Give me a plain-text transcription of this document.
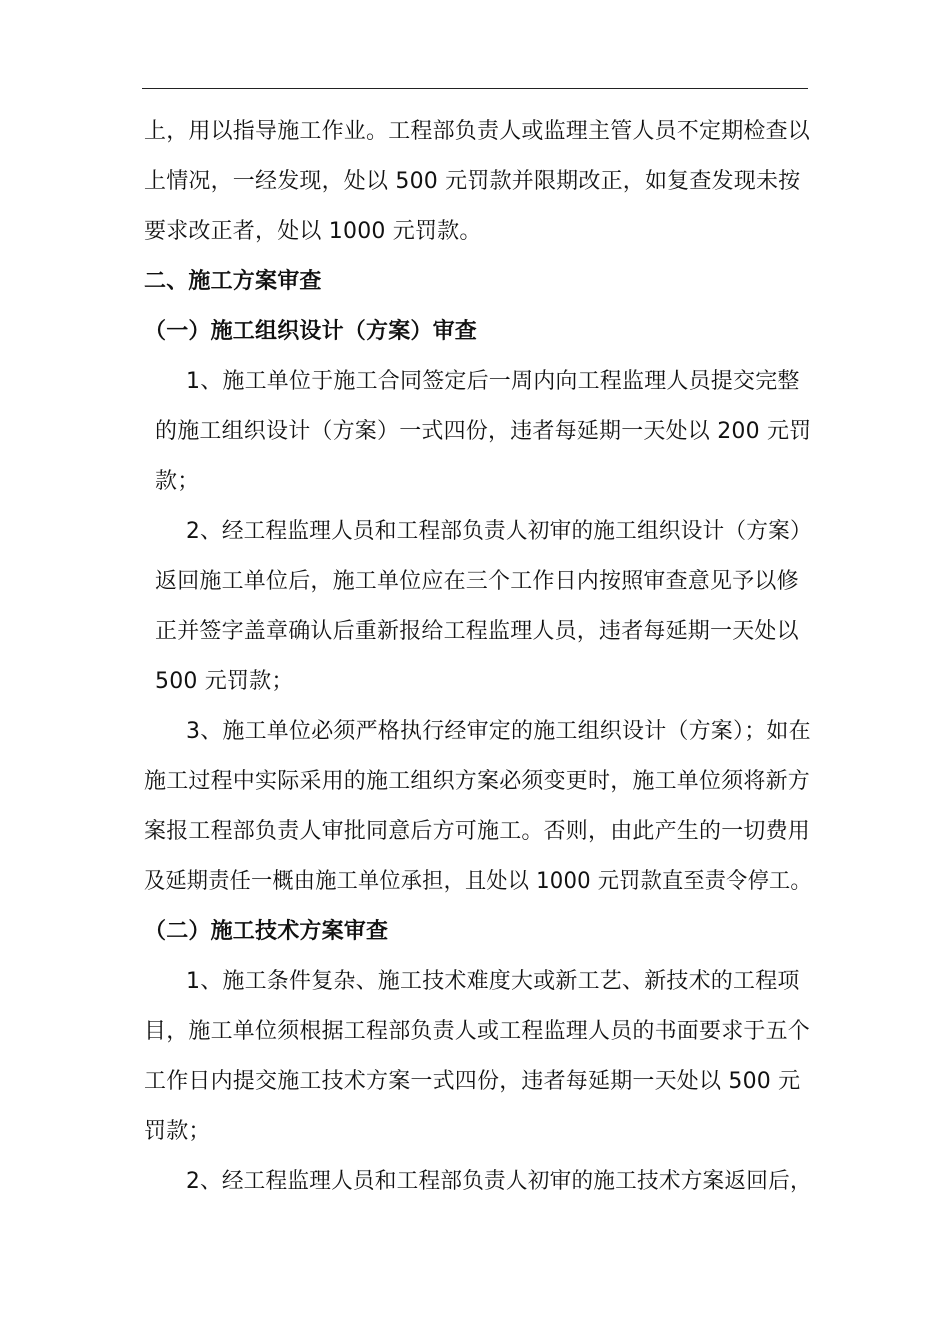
上，用以指导施工作业。工程部负责人或监理主管人员不定期检查以
上情况，一经发现，处以 500 元罚款并限期改正，如复查发现未按
要求改正者，处以 1000 元罚款。
二、施工方案审查
（一）施工组织设计（方案）审查
1、施工单位于施工合同签定后一周内向工程监理人员提交完整
的施工组织设计（方案）一式四份，违者每延期一天处以 200 元罚
款；
2、经工程监理人员和工程部负责人初审的施工组织设计（方案）
返回施工单位后，施工单位应在三个工作日内按照审查意见予以修
正并签字盖章确认后重新报给工程监理人员，违者每延期一天处以
500 元罚款；
3、施工单位必须严格执行经审定的施工组织设计（方案）；如在
施工过程中实际采用的施工组织方案必须变更时，施工单位须将新方
案报工程部负责人审批同意后方可施工。否则，由此产生的一切费用
及延期责任一概由施工单位承担，且处以 1000 元罚款直至责令停工。
（二）施工技术方案审查
1、施工条件复杂、施工技术难度大或新工艺、新技术的工程项
目，施工单位须根据工程部负责人或工程监理人员的书面要求于五个
工作日内提交施工技术方案一式四份，违者每延期一天处以 500 元
罚款；
2、经工程监理人员和工程部负责人初审的施工技术方案返回后，
